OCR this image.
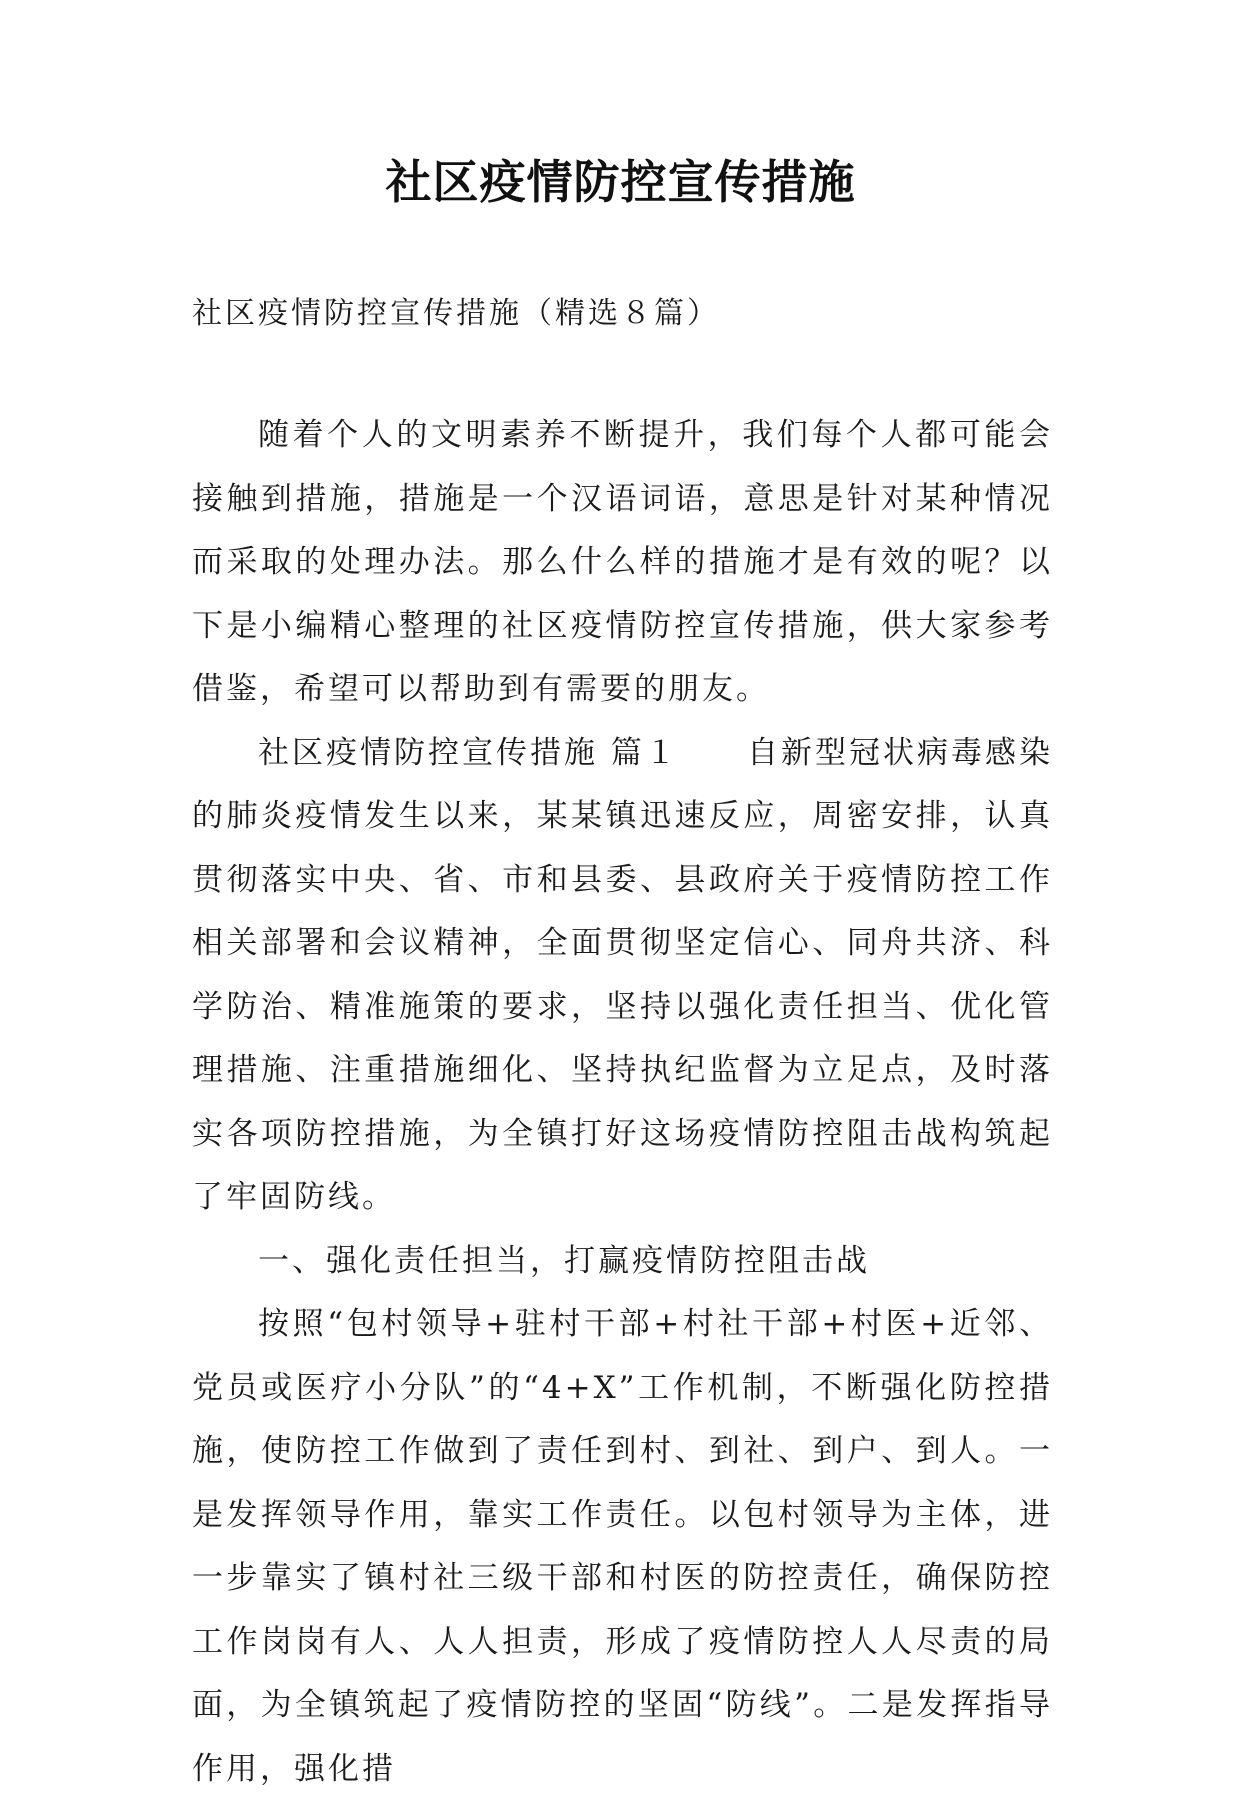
社区疫情防控宣传措施
社区疫情防控宣传措施（精选８篇）

随着个人的文明素养不断提升，我们每个人都可能会接触到措施，措施是一个汉语词语，意思是针对某种情况而采取的处理办法。那么什么样的措施才是有效的呢？以下是小编精心整理的社区疫情防控宣传措施，供大家参考借鉴，希望可以帮助到有需要的朋友。

社区疫情防控宣传措施 篇１　　自新型冠状病毒感染的肺炎疫情发生以来，某某镇迅速反应，周密安排，认真贯彻落实中央、省、市和县委、县政府关于疫情防控工作相关部署和会议精神，全面贯彻坚定信心、同舟共济、科学防治、精准施策的要求，坚持以强化责任担当、优化管理措施、注重措施细化、坚持执纪监督为立足点，及时落实各项防控措施，为全镇打好这场疫情防控阻击战构筑起了牢固防线。

一、强化责任担当，打赢疫情防控阻击战

按照“包村领导+驻村干部+村社干部+村医+近邻、党员或医疗小分队”的“4+X”工作机制，不断强化防控措施，使防控工作做到了责任到村、到社、到户、到人。一是发挥领导作用，靠实工作责任。以包村领导为主体，进一步靠实了镇村社三级干部和村医的防控责任，确保防控工作岗岗有人、人人担责，形成了疫情防控人人尽责的局面，为全镇筑起了疫情防控的坚固“防线”。二是发挥指导作用，强化措
